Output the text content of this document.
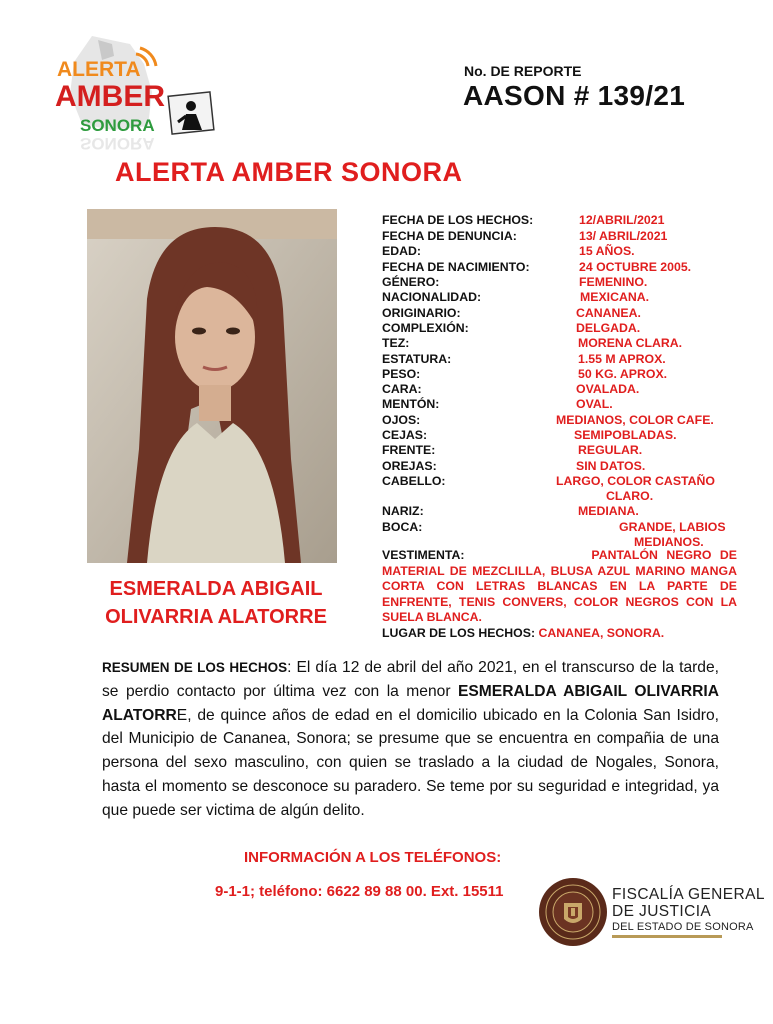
ALERTA
AMBER
SONORA
SONORA
No. DE REPORTE
AASON # 139/21
ALERTA AMBER SONORA
ESMERALDA ABIGAIL
OLIVARRIA ALATORRE
FECHA DE LOS HECHOS:	12/ABRIL/2021
FECHA DE DENUNCIA:	13/ ABRIL/2021
EDAD:	15 AÑOS.
FECHA DE NACIMIENTO:	24 OCTUBRE 2005.
GÉNERO:	FEMENINO.
NACIONALIDAD:	MEXICANA.
ORIGINARIO:	CANANEA.
COMPLEXIÓN:	DELGADA.
TEZ:	MORENA CLARA.
ESTATURA:	1.55 M APROX.
PESO:	50 KG. APROX.
CARA:	OVALADA.
MENTÓN:	OVAL.
OJOS:	MEDIANOS, COLOR CAFE.
CEJAS:	SEMIPOBLADAS.
FRENTE:	REGULAR.
OREJAS:	SIN DATOS.
CABELLO:	LARGO, COLOR CASTAÑO
CLARO.
NARIZ:	MEDIANA.
BOCA:	GRANDE, LABIOS
MEDIANOS.
VESTIMENTA:	PANTALÓN NEGRO DE MATERIAL DE MEZCLILLA, BLUSA AZUL MARINO MANGA CORTA CON LETRAS BLANCAS EN LA PARTE DE ENFRENTE, TENIS CONVERS, COLOR NEGROS CON LA SUELA BLANCA.
LUGAR DE LOS HECHOS: CANANEA, SONORA.
RESUMEN DE LOS HECHOS: El día 12 de abril del año 2021, en el transcurso de la tarde, se perdio contacto por última vez con la menor ESMERALDA ABIGAIL OLIVARRIA ALATORRE, de quince años de edad en el domicilio ubicado en la Colonia San Isidro, del Municipio de Cananea, Sonora; se presume que se encuentra en compañia de una persona del sexo masculino, con quien se traslado a la ciudad de Nogales, Sonora, hasta el momento se desconoce su paradero. Se teme por su seguridad e integridad, ya que puede ser victima de algún delito.
INFORMACIÓN A LOS TELÉFONOS:
9-1-1; teléfono: 6622 89 88 00. Ext. 15511	FISCALÍA GENERAL
DE JUSTICIA
DEL ESTADO DE SONORA
